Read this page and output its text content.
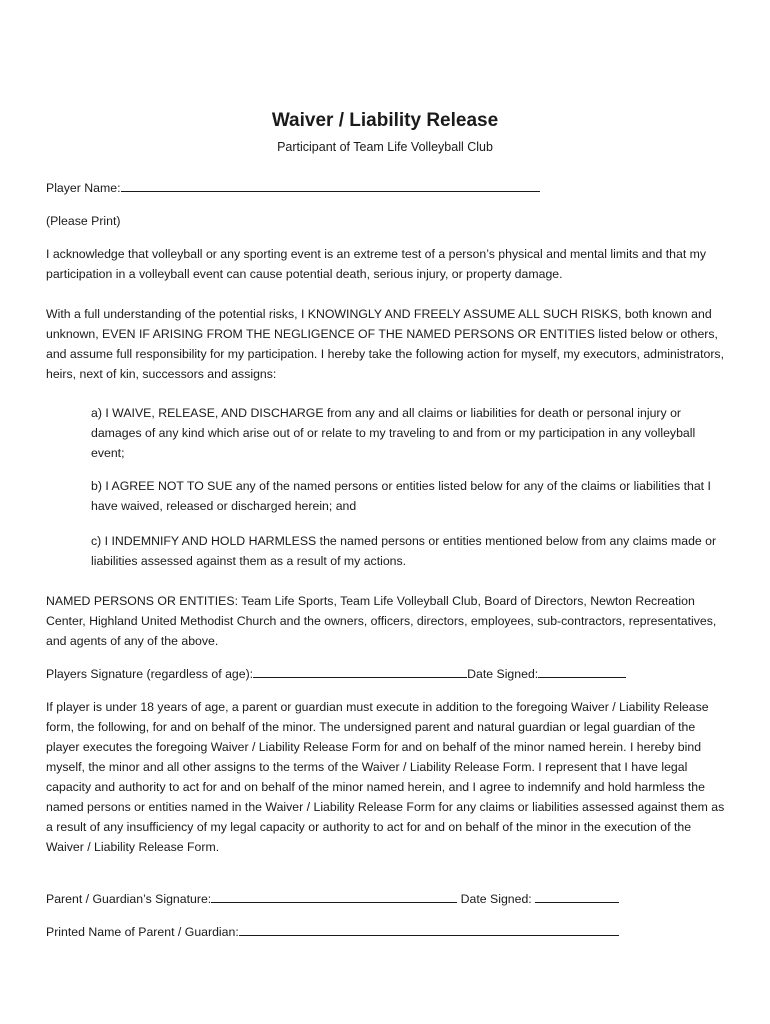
Waiver / Liability Release
Participant of Team Life Volleyball Club
Player Name:
(Please Print)
I acknowledge that volleyball or any sporting event is an extreme test of a person’s physical and mental limits and that my participation in a volleyball event can cause potential death, serious injury, or property damage.
With a full understanding of the potential risks, I KNOWINGLY AND FREELY ASSUME ALL SUCH RISKS, both known and unknown, EVEN IF ARISING FROM THE NEGLIGENCE OF THE NAMED PERSONS OR ENTITIES listed below or others, and assume full responsibility for my participation. I hereby take the following action for myself, my executors, administrators, heirs, next of kin, successors and assigns:
a) I WAIVE, RELEASE, AND DISCHARGE from any and all claims or liabilities for death or personal injury or damages of any kind which arise out of or relate to my traveling to and from or my participation in any volleyball event;
b) I AGREE NOT TO SUE any of the named persons or entities listed below for any of the claims or liabilities that I have waived, released or discharged herein; and
c) I INDEMNIFY AND HOLD HARMLESS the named persons or entities mentioned below from any claims made or liabilities assessed against them as a result of my actions.
NAMED PERSONS OR ENTITIES: Team Life Sports, Team Life Volleyball Club, Board of Directors, Newton Recreation Center, Highland United Methodist Church and the owners, officers, directors, employees, sub-contractors, representatives, and agents of any of the above.
Players Signature (regardless of age):	Date Signed:
If player is under 18 years of age, a parent or guardian must execute in addition to the foregoing Waiver / Liability Release form, the following, for and on behalf of the minor. The undersigned parent and natural guardian or legal guardian of the player executes the foregoing Waiver / Liability Release Form for and on behalf of the minor named herein. I hereby bind myself, the minor and all other assigns to the terms of the Waiver / Liability Release Form. I represent that I have legal capacity and authority to act for and on behalf of the minor named herein, and I agree to indemnify and hold harmless the named persons or entities named in the Waiver / Liability Release Form for any claims or liabilities assessed against them as a result of any insufficiency of my legal capacity or authority to act for and on behalf of the minor in the execution of the Waiver / Liability Release Form.
Parent / Guardian’s Signature:	Date Signed:
Printed Name of Parent / Guardian:
